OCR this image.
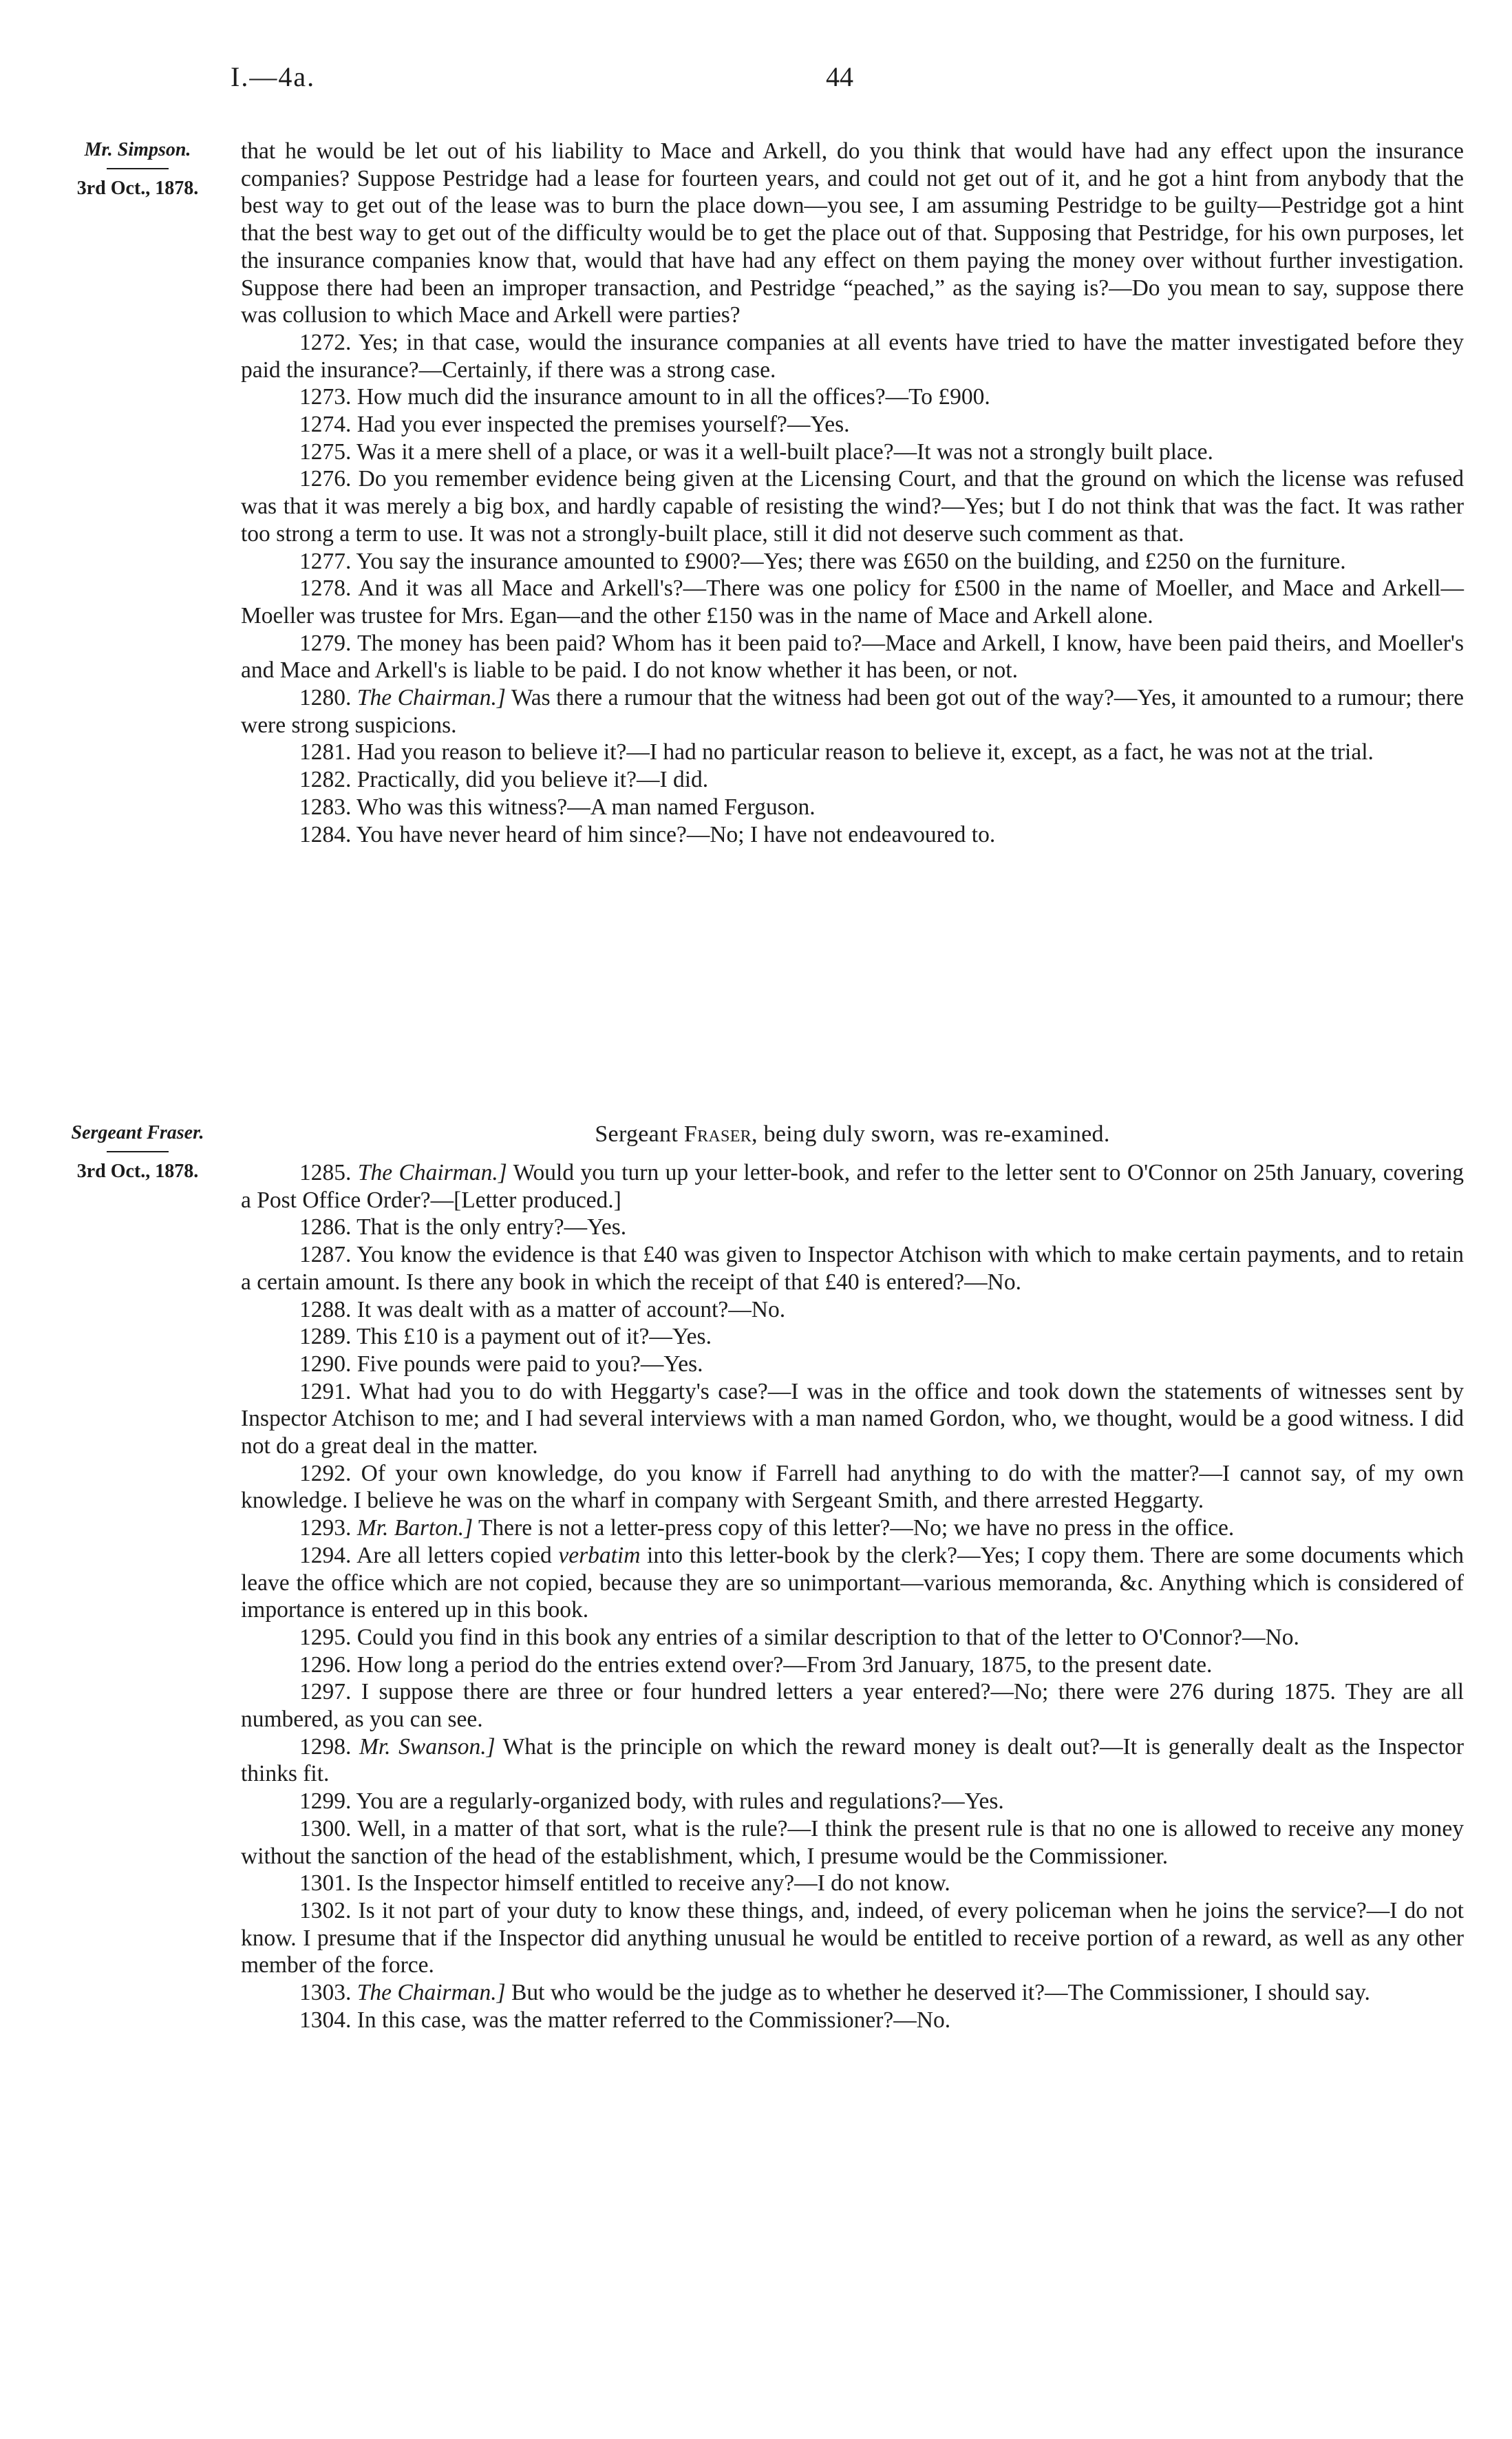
I.—4a.	44
Mr. Simpson.
3rd Oct., 1878.
Sergeant Fraser.
3rd Oct., 1878.

that he would be let out of his liability to Mace and Arkell, do you think that would have had any effect upon the insurance companies? Suppose Pestridge had a lease for fourteen years, and could not get out of it, and he got a hint from anybody that the best way to get out of the lease was to burn the place down—you see, I am assuming Pestridge to be guilty—Pestridge got a hint that the best way to get out of the difficulty would be to get the place out of that. Supposing that Pestridge, for his own purposes, let the insurance companies know that, would that have had any effect on them paying the money over without further investigation. Suppose there had been an improper transaction, and Pestridge “peached,” as the saying is?—Do you mean to say, suppose there was collusion to which Mace and Arkell were parties?

1272. Yes; in that case, would the insurance companies at all events have tried to have the matter investigated before they paid the insurance?—Certainly, if there was a strong case.

1273. How much did the insurance amount to in all the offices?—To £900.

1274. Had you ever inspected the premises yourself?—Yes.

1275. Was it a mere shell of a place, or was it a well-built place?—It was not a strongly built place.

1276. Do you remember evidence being given at the Licensing Court, and that the ground on which the license was refused was that it was merely a big box, and hardly capable of resisting the wind?—Yes; but I do not think that was the fact. It was rather too strong a term to use. It was not a strongly-built place, still it did not deserve such comment as that.

1277. You say the insurance amounted to £900?—Yes; there was £650 on the building, and £250 on the furniture.

1278. And it was all Mace and Arkell's?—There was one policy for £500 in the name of Moeller, and Mace and Arkell—Moeller was trustee for Mrs. Egan—and the other £150 was in the name of Mace and Arkell alone.

1279. The money has been paid? Whom has it been paid to?—Mace and Arkell, I know, have been paid theirs, and Moeller's and Mace and Arkell's is liable to be paid. I do not know whether it has been, or not.

1280. The Chairman.] Was there a rumour that the witness had been got out of the way?—Yes, it amounted to a rumour; there were strong suspicions.

1281. Had you reason to believe it?—I had no particular reason to believe it, except, as a fact, he was not at the trial.

1282. Practically, did you believe it?—I did.

1283. Who was this witness?—A man named Ferguson.

1284. You have never heard of him since?—No; I have not endeavoured to.

Sergeant Fraser, being duly sworn, was re-examined.

1285. The Chairman.] Would you turn up your letter-book, and refer to the letter sent to O'Connor on 25th January, covering a Post Office Order?—[Letter produced.]

1286. That is the only entry?—Yes.

1287. You know the evidence is that £40 was given to Inspector Atchison with which to make certain payments, and to retain a certain amount. Is there any book in which the receipt of that £40 is entered?—No.

1288. It was dealt with as a matter of account?—No.

1289. This £10 is a payment out of it?—Yes.

1290. Five pounds were paid to you?—Yes.

1291. What had you to do with Heggarty's case?—I was in the office and took down the statements of witnesses sent by Inspector Atchison to me; and I had several interviews with a man named Gordon, who, we thought, would be a good witness. I did not do a great deal in the matter.

1292. Of your own knowledge, do you know if Farrell had anything to do with the matter?—I cannot say, of my own knowledge. I believe he was on the wharf in company with Sergeant Smith, and there arrested Heggarty.

1293. Mr. Barton.] There is not a letter-press copy of this letter?—No; we have no press in the office.

1294. Are all letters copied verbatim into this letter-book by the clerk?—Yes; I copy them. There are some documents which leave the office which are not copied, because they are so unimportant—various memoranda, &c. Anything which is considered of importance is entered up in this book.

1295. Could you find in this book any entries of a similar description to that of the letter to O'Connor?—No.

1296. How long a period do the entries extend over?—From 3rd January, 1875, to the present date.

1297. I suppose there are three or four hundred letters a year entered?—No; there were 276 during 1875. They are all numbered, as you can see.

1298. Mr. Swanson.] What is the principle on which the reward money is dealt out?—It is generally dealt as the Inspector thinks fit.

1299. You are a regularly-organized body, with rules and regulations?—Yes.

1300. Well, in a matter of that sort, what is the rule?—I think the present rule is that no one is allowed to receive any money without the sanction of the head of the establishment, which, I presume would be the Commissioner.

1301. Is the Inspector himself entitled to receive any?—I do not know.

1302. Is it not part of your duty to know these things, and, indeed, of every policeman when he joins the service?—I do not know. I presume that if the Inspector did anything unusual he would be entitled to receive portion of a reward, as well as any other member of the force.

1303. The Chairman.] But who would be the judge as to whether he deserved it?—The Commissioner, I should say.

1304. In this case, was the matter referred to the Commissioner?—No.
